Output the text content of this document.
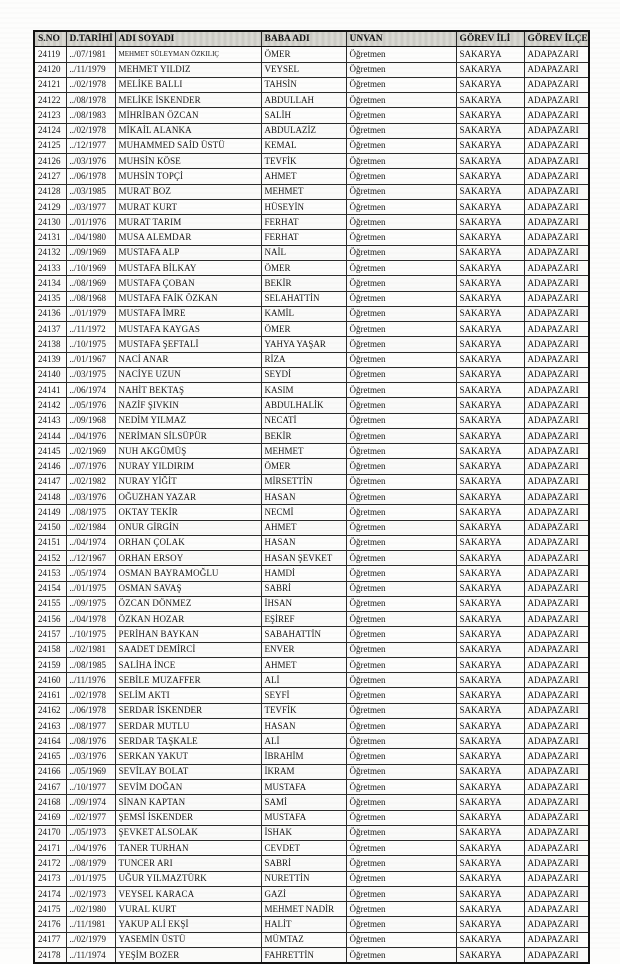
S.NO	D.TARİHİ	ADI SOYADI	BABA ADI	UNVAN	GÖREV İLİ	GÖREV İLÇE
24119	../07/1981	MEHMET SÜLEYMAN ÖZKILIÇ	ÖMER	Öğretmen	SAKARYA	ADAPAZARI
24120	../11/1979	MEHMET YILDIZ	VEYSEL	Öğretmen	SAKARYA	ADAPAZARI
24121	../02/1978	MELİKE BALLI	TAHSİN	Öğretmen	SAKARYA	ADAPAZARI
24122	../08/1978	MELİKE İSKENDER	ABDULLAH	Öğretmen	SAKARYA	ADAPAZARI
24123	../08/1983	MİHRİBAN ÖZCAN	SALİH	Öğretmen	SAKARYA	ADAPAZARI
24124	../02/1978	MİKAİL ALANKA	ABDULAZİZ	Öğretmen	SAKARYA	ADAPAZARI
24125	../12/1977	MUHAMMED SAİD ÜSTÜ	KEMAL	Öğretmen	SAKARYA	ADAPAZARI
24126	../03/1976	MUHSİN KÖSE	TEVFİK	Öğretmen	SAKARYA	ADAPAZARI
24127	../06/1978	MUHSİN TOPÇİ	AHMET	Öğretmen	SAKARYA	ADAPAZARI
24128	../03/1985	MURAT BOZ	MEHMET	Öğretmen	SAKARYA	ADAPAZARI
24129	../03/1977	MURAT KURT	HÜSEYİN	Öğretmen	SAKARYA	ADAPAZARI
24130	../01/1976	MURAT TARIM	FERHAT	Öğretmen	SAKARYA	ADAPAZARI
24131	../04/1980	MUSA ALEMDAR	FERHAT	Öğretmen	SAKARYA	ADAPAZARI
24132	../09/1969	MUSTAFA ALP	NAİL	Öğretmen	SAKARYA	ADAPAZARI
24133	../10/1969	MUSTAFA BİLKAY	ÖMER	Öğretmen	SAKARYA	ADAPAZARI
24134	../08/1969	MUSTAFA ÇOBAN	BEKİR	Öğretmen	SAKARYA	ADAPAZARI
24135	../08/1968	MUSTAFA FAİK ÖZKAN	SELAHATTİN	Öğretmen	SAKARYA	ADAPAZARI
24136	../01/1979	MUSTAFA İMRE	KAMİL	Öğretmen	SAKARYA	ADAPAZARI
24137	../11/1972	MUSTAFA KAYGAS	ÖMER	Öğretmen	SAKARYA	ADAPAZARI
24138	../10/1975	MUSTAFA ŞEFTALİ	YAHYA YAŞAR	Öğretmen	SAKARYA	ADAPAZARI
24139	../01/1967	NACİ ANAR	RİZA	Öğretmen	SAKARYA	ADAPAZARI
24140	../03/1975	NACİYE UZUN	SEYDİ	Öğretmen	SAKARYA	ADAPAZARI
24141	../06/1974	NAHİT BEKTAŞ	KASIM	Öğretmen	SAKARYA	ADAPAZARI
24142	../05/1976	NAZİF ŞIVKIN	ABDULHALİK	Öğretmen	SAKARYA	ADAPAZARI
24143	../09/1968	NEDİM YILMAZ	NECATİ	Öğretmen	SAKARYA	ADAPAZARI
24144	../04/1976	NERİMAN SİLSÜPÜR	BEKİR	Öğretmen	SAKARYA	ADAPAZARI
24145	../02/1969	NUH AKGÜMÜŞ	MEHMET	Öğretmen	SAKARYA	ADAPAZARI
24146	../07/1976	NURAY YILDIRIM	ÖMER	Öğretmen	SAKARYA	ADAPAZARI
24147	../02/1982	NURAY YİĞİT	MİRSETTİN	Öğretmen	SAKARYA	ADAPAZARI
24148	../03/1976	OĞUZHAN YAZAR	HASAN	Öğretmen	SAKARYA	ADAPAZARI
24149	../08/1975	OKTAY TEKİR	NECMİ	Öğretmen	SAKARYA	ADAPAZARI
24150	../02/1984	ONUR GİRGİN	AHMET	Öğretmen	SAKARYA	ADAPAZARI
24151	../04/1974	ORHAN ÇOLAK	HASAN	Öğretmen	SAKARYA	ADAPAZARI
24152	../12/1967	ORHAN ERSOY	HASAN ŞEVKET	Öğretmen	SAKARYA	ADAPAZARI
24153	../05/1974	OSMAN BAYRAMOĞLU	HAMDİ	Öğretmen	SAKARYA	ADAPAZARI
24154	../01/1975	OSMAN SAVAŞ	SABRİ	Öğretmen	SAKARYA	ADAPAZARI
24155	../09/1975	ÖZCAN DÖNMEZ	İHSAN	Öğretmen	SAKARYA	ADAPAZARI
24156	../04/1978	ÖZKAN HOZAR	EŞİREF	Öğretmen	SAKARYA	ADAPAZARI
24157	../10/1975	PERİHAN BAYKAN	SABAHATTİN	Öğretmen	SAKARYA	ADAPAZARI
24158	../02/1981	SAADET DEMİRCİ	ENVER	Öğretmen	SAKARYA	ADAPAZARI
24159	../08/1985	SALİHA İNCE	AHMET	Öğretmen	SAKARYA	ADAPAZARI
24160	../11/1976	SEBİLE MUZAFFER	ALİ	Öğretmen	SAKARYA	ADAPAZARI
24161	../02/1978	SELİM AKTI	SEYFİ	Öğretmen	SAKARYA	ADAPAZARI
24162	../06/1978	SERDAR İSKENDER	TEVFİK	Öğretmen	SAKARYA	ADAPAZARI
24163	../08/1977	SERDAR MUTLU	HASAN	Öğretmen	SAKARYA	ADAPAZARI
24164	../08/1976	SERDAR TAŞKALE	ALİ	Öğretmen	SAKARYA	ADAPAZARI
24165	../03/1976	SERKAN YAKUT	İBRAHİM	Öğretmen	SAKARYA	ADAPAZARI
24166	../05/1969	SEVİLAY BOLAT	İKRAM	Öğretmen	SAKARYA	ADAPAZARI
24167	../10/1977	SEVİM DOĞAN	MUSTAFA	Öğretmen	SAKARYA	ADAPAZARI
24168	../09/1974	SİNAN KAPTAN	SAMİ	Öğretmen	SAKARYA	ADAPAZARI
24169	../02/1977	ŞEMSİ İSKENDER	MUSTAFA	Öğretmen	SAKARYA	ADAPAZARI
24170	../05/1973	ŞEVKET ALSOLAK	İSHAK	Öğretmen	SAKARYA	ADAPAZARI
24171	../04/1976	TANER TURHAN	CEVDET	Öğretmen	SAKARYA	ADAPAZARI
24172	../08/1979	TUNCER ARI	SABRİ	Öğretmen	SAKARYA	ADAPAZARI
24173	../01/1975	UĞUR YILMAZTÜRK	NURETTİN	Öğretmen	SAKARYA	ADAPAZARI
24174	../02/1973	VEYSEL KARACA	GAZİ	Öğretmen	SAKARYA	ADAPAZARI
24175	../02/1980	VURAL KURT	MEHMET NADİR	Öğretmen	SAKARYA	ADAPAZARI
24176	../11/1981	YAKUP ALİ EKŞİ	HALİT	Öğretmen	SAKARYA	ADAPAZARI
24177	../02/1979	YASEMİN ÜSTÜ	MÜMTAZ	Öğretmen	SAKARYA	ADAPAZARI
24178	../11/1974	YEŞİM BOZER	FAHRETTİN	Öğretmen	SAKARYA	ADAPAZARI
